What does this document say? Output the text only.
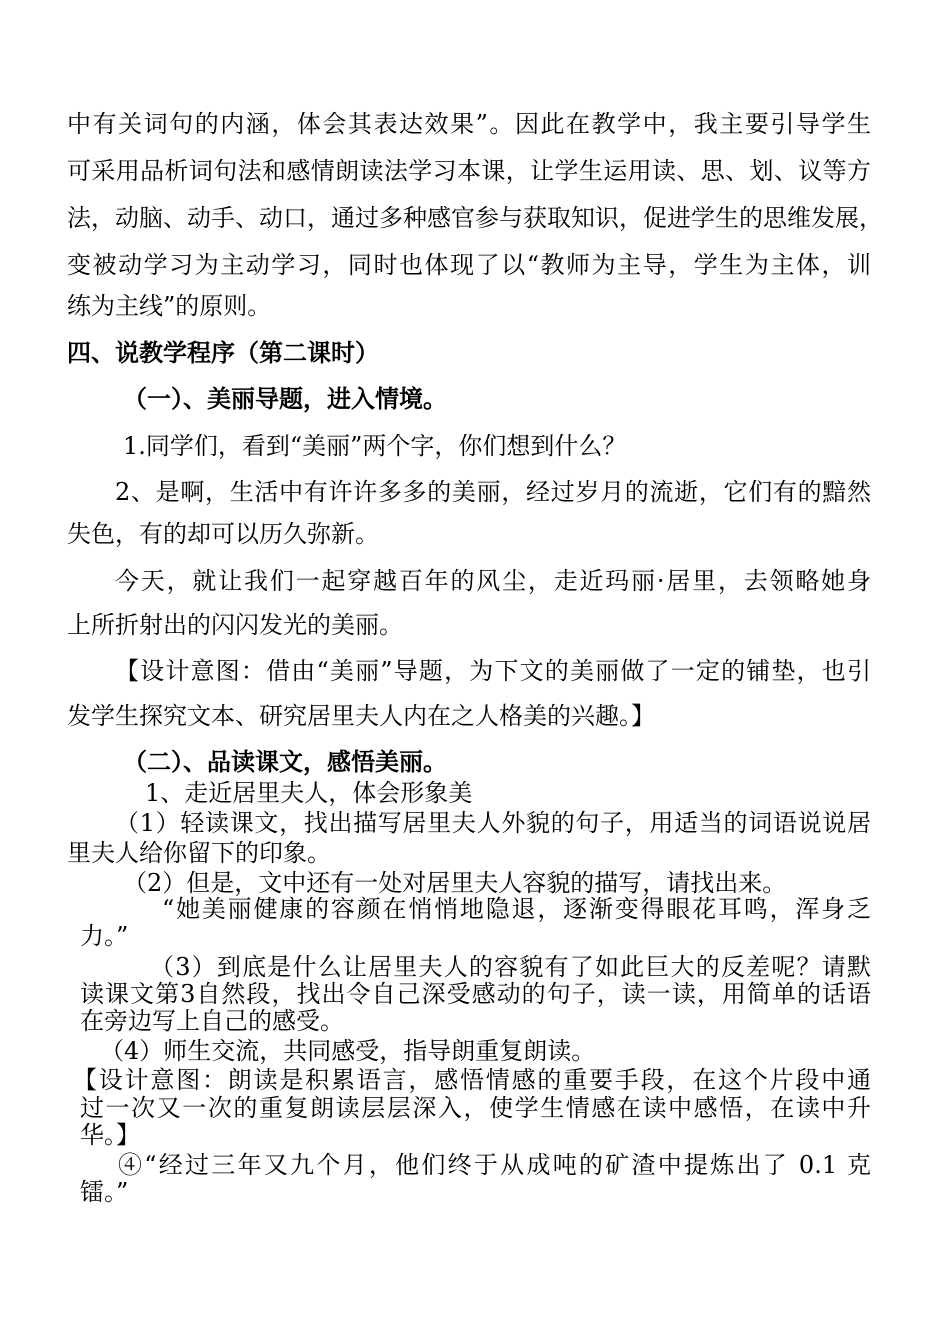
中有关词句的内涵，体会其表达效果”。因此在教学中，我主要引导学生

可采用品析词句法和感情朗读法学习本课，让学生运用读、思、划、议等方

法，动脑、动手、动口，通过多种感官参与获取知识，促进学生的思维发展，

变被动学习为主动学习，同时也体现了以“教师为主导，学生为主体，训

练为主线”的原则。

四、说教学程序（第二课时）

（一）、美丽导题，进入情境。

1.同学们，看到“美丽”两个字，你们想到什么？

2、是啊，生活中有许许多多的美丽，经过岁月的流逝，它们有的黯然

失色，有的却可以历久弥新。

今天，就让我们一起穿越百年的风尘，走近玛丽·居里，去领略她身

上所折射出的闪闪发光的美丽。

【设计意图：借由“美丽”导题，为下文的美丽做了一定的铺垫，也引

发学生探究文本、研究居里夫人内在之人格美的兴趣。】

（二）、品读课文，感悟美丽。

1、走近居里夫人，体会形象美

（1）轻读课文，找出描写居里夫人外貌的句子，用适当的词语说说居

里夫人给你留下的印象。

（2）但是，文中还有一处对居里夫人容貌的描写，请找出来。

“她美丽健康的容颜在悄悄地隐退，逐渐变得眼花耳鸣，浑身乏

力。”

（3）到底是什么让居里夫人的容貌有了如此巨大的反差呢？请默

读课文第3自然段，找出令自己深受感动的句子，读一读，用简单的话语

在旁边写上自己的感受。

（4）师生交流，共同感受，指导朗重复朗读。

【设计意图：朗读是积累语言，感悟情感的重要手段，在这个片段中通

过一次又一次的重复朗读层层深入，使学生情感在读中感悟，在读中升

华。】

④“经过三年又九个月，他们终于从成吨的矿渣中提炼出了 0.1 克

镭。”
